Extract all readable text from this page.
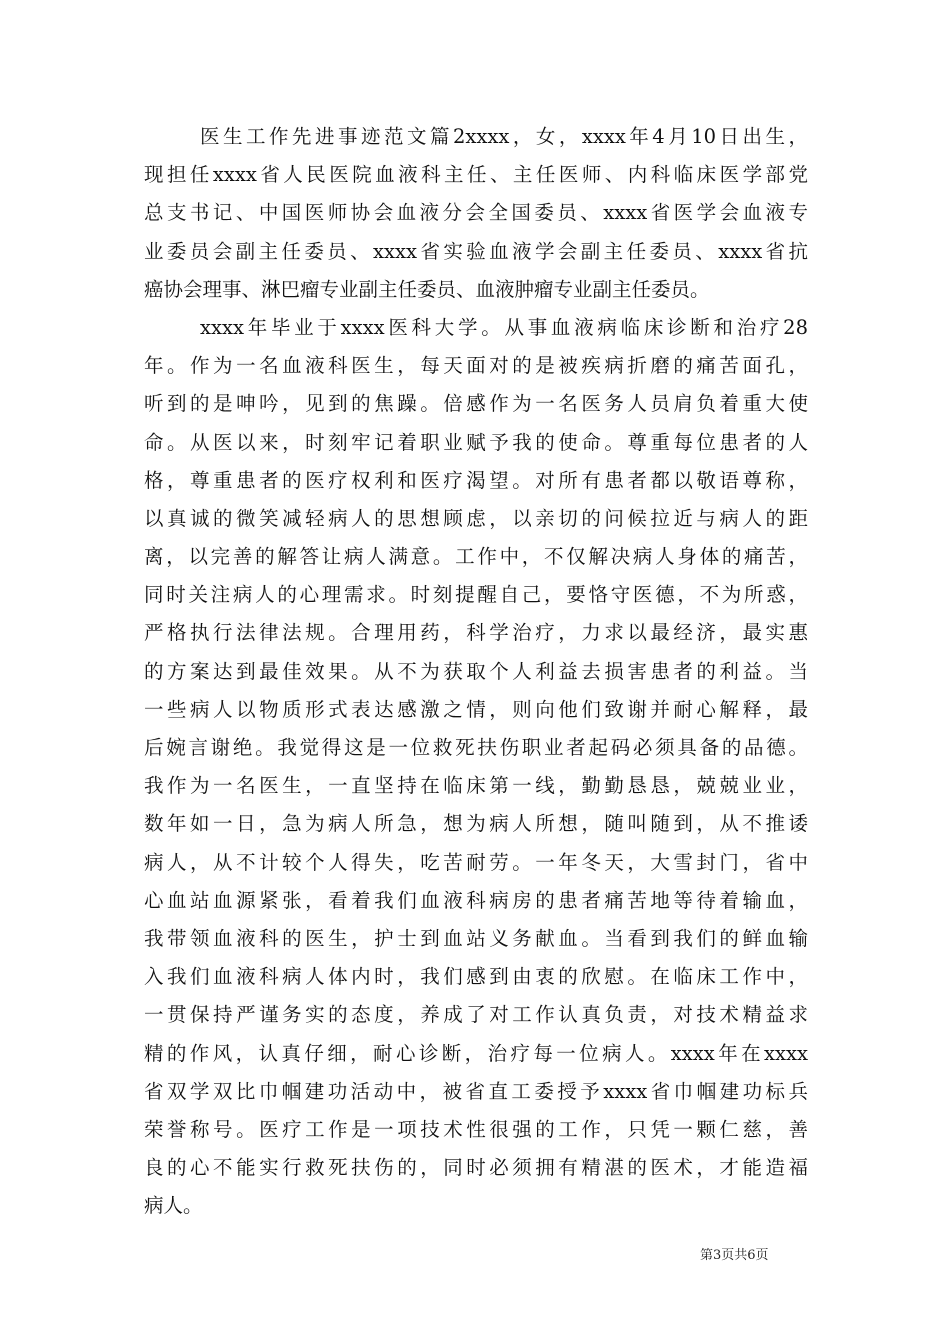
医生工作先进事迹范文篇2xxxx，女，xxxx年4月10日出生，
现担任xxxx省人民医院血液科主任、主任医师、内科临床医学部党
总支书记、中国医师协会血液分会全国委员、xxxx省医学会血液专
业委员会副主任委员、xxxx省实验血液学会副主任委员、xxxx省抗
癌协会理事、淋巴瘤专业副主任委员、血液肿瘤专业副主任委员。
xxxx年毕业于xxxx医科大学。从事血液病临床诊断和治疗28
年。作为一名血液科医生，每天面对的是被疾病折磨的痛苦面孔，
听到的是呻吟，见到的焦躁。倍感作为一名医务人员肩负着重大使
命。从医以来，时刻牢记着职业赋予我的使命。尊重每位患者的人
格，尊重患者的医疗权利和医疗渴望。对所有患者都以敬语尊称，
以真诚的微笑减轻病人的思想顾虑，以亲切的问候拉近与病人的距
离，以完善的解答让病人满意。工作中，不仅解决病人身体的痛苦，
同时关注病人的心理需求。时刻提醒自己，要恪守医德，不为所惑，
严格执行法律法规。合理用药，科学治疗，力求以最经济，最实惠
的方案达到最佳效果。从不为获取个人利益去损害患者的利益。当
一些病人以物质形式表达感激之情，则向他们致谢并耐心解释，最
后婉言谢绝。我觉得这是一位救死扶伤职业者起码必须具备的品德。
我作为一名医生，一直坚持在临床第一线，勤勤恳恳，兢兢业业，
数年如一日，急为病人所急，想为病人所想，随叫随到，从不推诿
病人，从不计较个人得失，吃苦耐劳。一年冬天，大雪封门，省中
心血站血源紧张，看着我们血液科病房的患者痛苦地等待着输血，
我带领血液科的医生，护士到血站义务献血。当看到我们的鲜血输
入我们血液科病人体内时，我们感到由衷的欣慰。在临床工作中，
一贯保持严谨务实的态度，养成了对工作认真负责，对技术精益求
精的作风，认真仔细，耐心诊断，治疗每一位病人。xxxx年在xxxx
省双学双比巾帼建功活动中，被省直工委授予xxxx省巾帼建功标兵
荣誉称号。医疗工作是一项技术性很强的工作，只凭一颗仁慈，善
良的心不能实行救死扶伤的，同时必须拥有精湛的医术，才能造福
病人。
第3页共6页
